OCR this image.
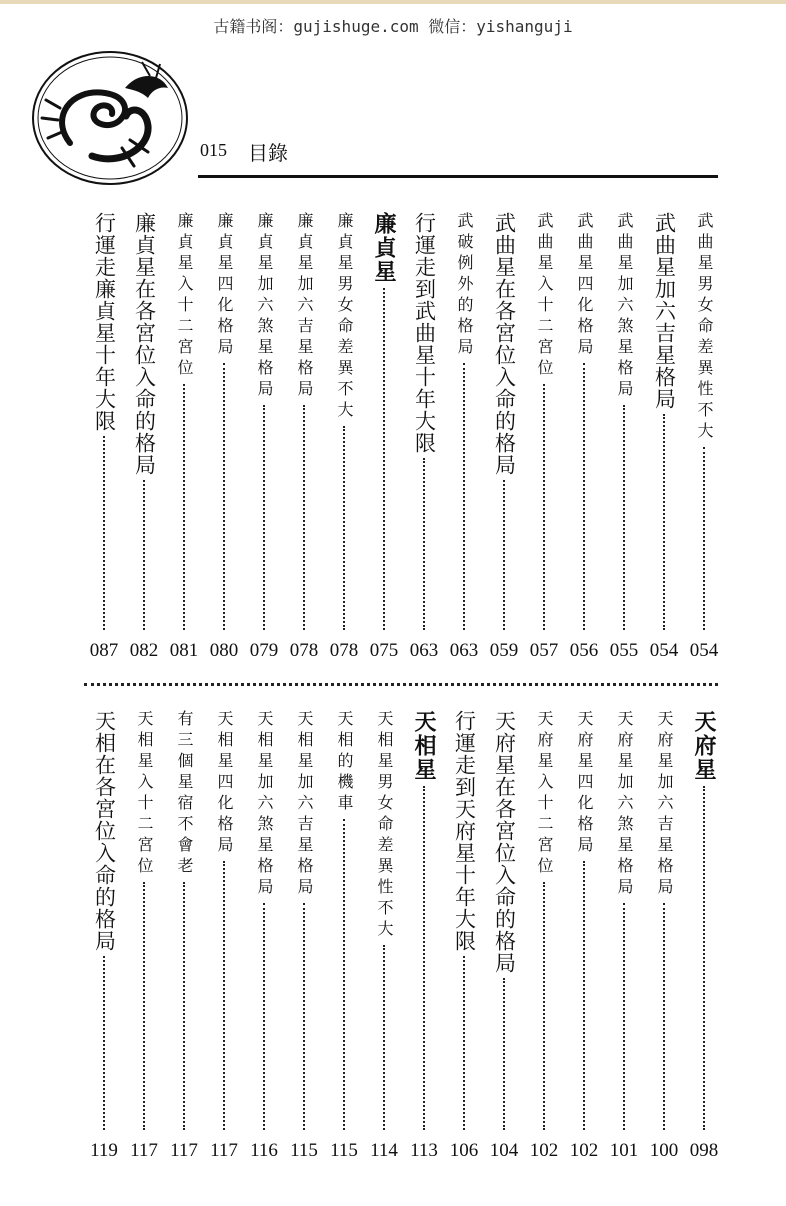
古籍书阁：gujishuge.com 微信：yishanguji
015 目錄
武曲星男女命差異性不大
054
武曲星加六吉星格局
054
武曲星加六煞星格局
055
武曲星四化格局
056
武曲星入十二宮位
057
武曲星在各宮位入命的格局
059
武破例外的格局
063
行運走到武曲星十年大限
063
廉貞星
075
廉貞星男女命差異不大
078
廉貞星加六吉星格局
078
廉貞星加六煞星格局
079
廉貞星四化格局
080
廉貞星入十二宮位
081
廉貞星在各宮位入命的格局
082
行運走廉貞星十年大限
087
天府星
098
天府星加六吉星格局
100
天府星加六煞星格局
101
天府星四化格局
102
天府星入十二宮位
102
天府星在各宮位入命的格局
104
行運走到天府星十年大限
106
天相星
113
天相星男女命差異性不大
114
天相的機車
115
天相星加六吉星格局
115
天相星加六煞星格局
116
天相星四化格局
117
有三個星宿不會老
117
天相星入十二宮位
117
天相在各宮位入命的格局
119
